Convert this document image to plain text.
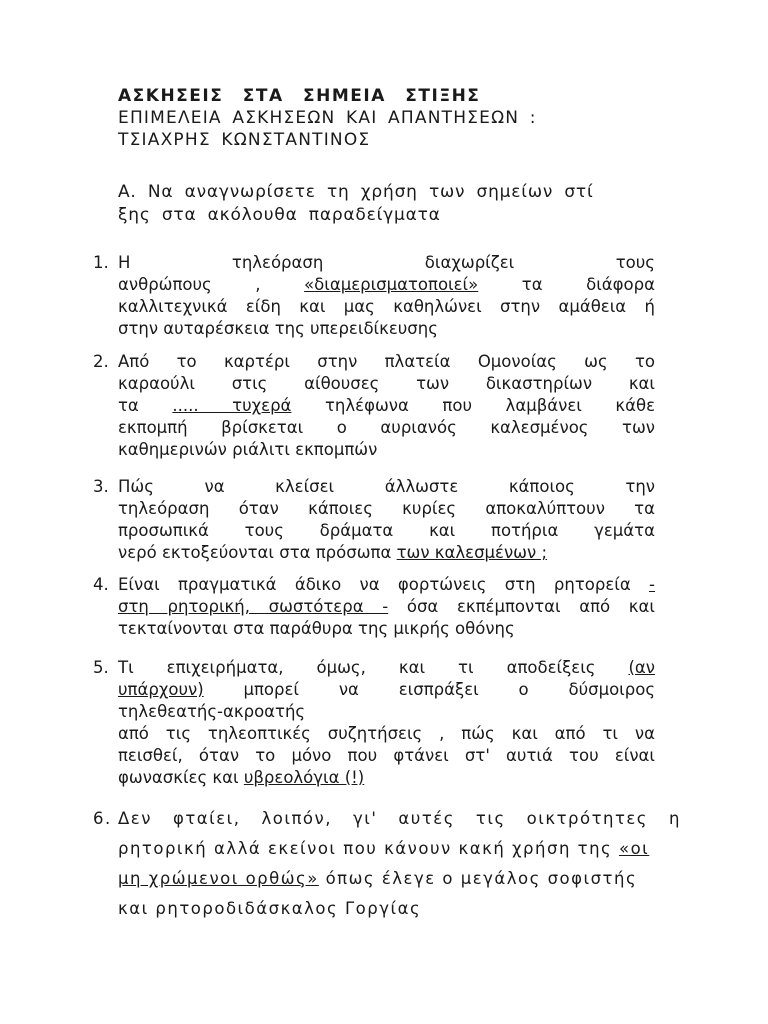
ΑΣΚΗΣΕΙΣ ΣΤΑ ΣΗΜΕΙΑ ΣΤΙΞΗΣ
ΕΠΙΜΕΛΕΙΑ ΑΣΚΗΣΕΩΝ ΚΑΙ ΑΠΑΝΤΗΣΕΩΝ :
ΤΣΙΑΧΡΗΣ ΚΩΝΣΤΑΝΤΙΝΟΣ
Α. Να αναγνωρίσετε τη χρήση των σημείων στί
ξης στα ακόλουθα παραδείγματα
1. Η τηλεόραση διαχωρίζει τους
ανθρώπους , «διαμερισματοποιεί» τα διάφορα
καλλιτεχνικά είδη και μας καθηλώνει στην αμάθεια ή
στην αυταρέσκεια της υπερειδίκευσης
2. Από το καρτέρι στην πλατεία Ομονοίας ως το
καραούλι στις αίθουσες των δικαστηρίων και
τα ..... τυχερά τηλέφωνα που λαμβάνει κάθε
εκπομπή βρίσκεται ο αυριανός καλεσμένος των
καθημερινών ριάλιτι εκπομπών
3. Πώς να κλείσει άλλωστε κάποιος την
τηλεόραση όταν κάποιες κυρίες αποκαλύπτουν τα
προσωπικά τους δράματα και ποτήρια γεμάτα
νερό εκτοξεύονται στα πρόσωπα των καλεσμένων ;
4. Είναι πραγματικά άδικο να φορτώνεις στη ρητορεία -
στη ρητορική, σωστότερα - όσα εκπέμπονται από και
τεκταίνονται στα παράθυρα της μικρής οθόνης
5. Τι επιχειρήματα, όμως, και τι αποδείξεις (αν
υπάρχουν) μπορεί να εισπράξει ο δύσμοιρος
τηλεθεατής-ακροατής
από τις τηλεοπτικές συζητήσεις , πώς και από τι να
πεισθεί, όταν το μόνο που φτάνει στ' αυτιά του είναι
φωνασκίες και υβρεολόγια (!)
6. Δεν φταίει, λοιπόν, γι' αυτές τις οικτρότητες η
ρητορική αλλά εκείνοι που κάνουν κακή χρήση της «οι
μη χρώμενοι ορθώς» όπως έλεγε ο μεγάλος σοφιστής
και ρητοροδιδάσκαλος Γοργίας
